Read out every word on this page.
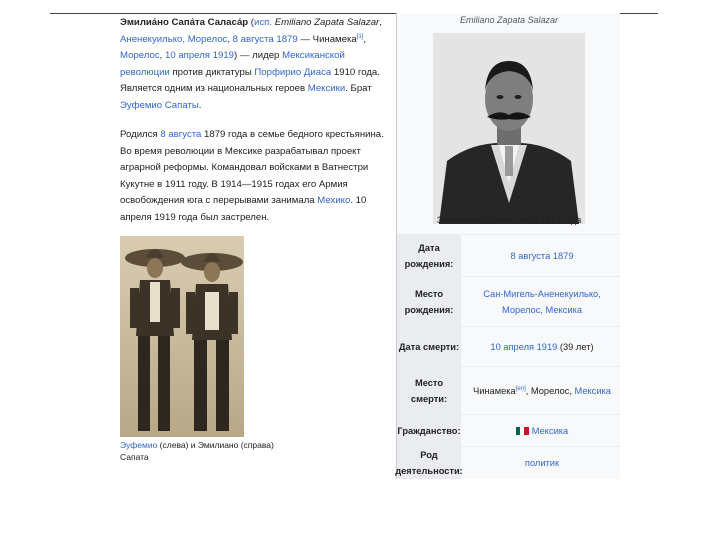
Эмилиа́но Сапа́та Саласа́р (исп. Emiliano Zapata Salazar, Аненекуилько, Морелос, 8 августа 1879 — Чинамека[1], Морелос, 10 апреля 1919) — лидер Мексиканской революции против диктатуры Порфирио Диаса 1910 года. Является одним из национальных героев Мексики. Брат Эуфемио Сапаты.

Родился 8 августа 1879 года в семье бедного крестьянина. Во время революции в Мексике разрабатывал проект аграрной реформы. Командовал войсками в Ватнестри Кукутне в 1911 году. В 1914—1915 годах его Армия освобождения юга с перерывами занимала Мехико. 10 апреля 1919 года был застрелен.

Эуфемио (слева) и Эмилиано (справа) Сапата
Emiliano Zapata Salazar
Эмилиано Сапата. Фото 1914 года
Дата рождения:
8 августа 1879
Место рождения:
Сан-Мигель-Аненекуилько, Морелос, Мексика
Дата смерти:	10 апреля 1919 (39 лет)
Место смерти:
Чинамека[en], Морелос, Мексика
Гражданство:	Мексика
Род деятельности:
политик
